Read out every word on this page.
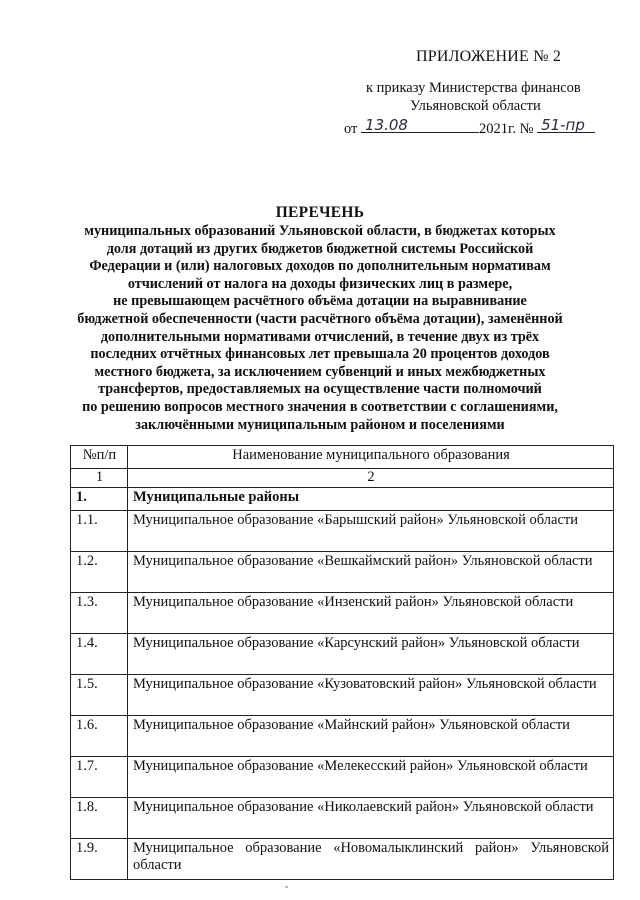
ПРИЛОЖЕНИЕ № 2
к приказу Министерства финансов
Ульяновской области
от 13.08	2021г. № 51-пр
ПЕРЕЧЕНЬ
муниципальных образований Ульяновской области, в бюджетах которых
доля дотаций из других бюджетов бюджетной системы Российской
Федерации и (или) налоговых доходов по дополнительным нормативам
отчислений от налога на доходы физических лиц в размере,
не превышающем расчётного объёма дотации на выравнивание
бюджетной обеспеченности (части расчётного объёма дотации), заменённой
дополнительными нормативами отчислений, в течение двух из трёх
последних отчётных финансовых лет превышала 20 процентов доходов
местного бюджета, за исключением субвенций и иных межбюджетных
трансфертов, предоставляемых на осуществление части полномочий
по решению вопросов местного значения в соответствии с соглашениями,
заключёнными муниципальным районом и поселениями
№п/п	Наименование муниципального образования
1	2
1.	Муниципальные районы
1.1.	Муниципальное образование «Барышский район» Ульяновской области
1.2.	Муниципальное образование «Вешкаймский район» Ульяновской области
1.3.	Муниципальное образование «Инзенский район» Ульяновской области
1.4.	Муниципальное образование «Карсунский район» Ульяновской области
1.5.	Муниципальное образование «Кузоватовский район» Ульяновской области
1.6.	Муниципальное образование «Майнский район» Ульяновской области
1.7.	Муниципальное образование «Мелекесский район» Ульяновской области
1.8.	Муниципальное образование «Николаевский район» Ульяновской области
1.9.	Муниципальное образование «Новомалыклинский район» Ульяновской области
